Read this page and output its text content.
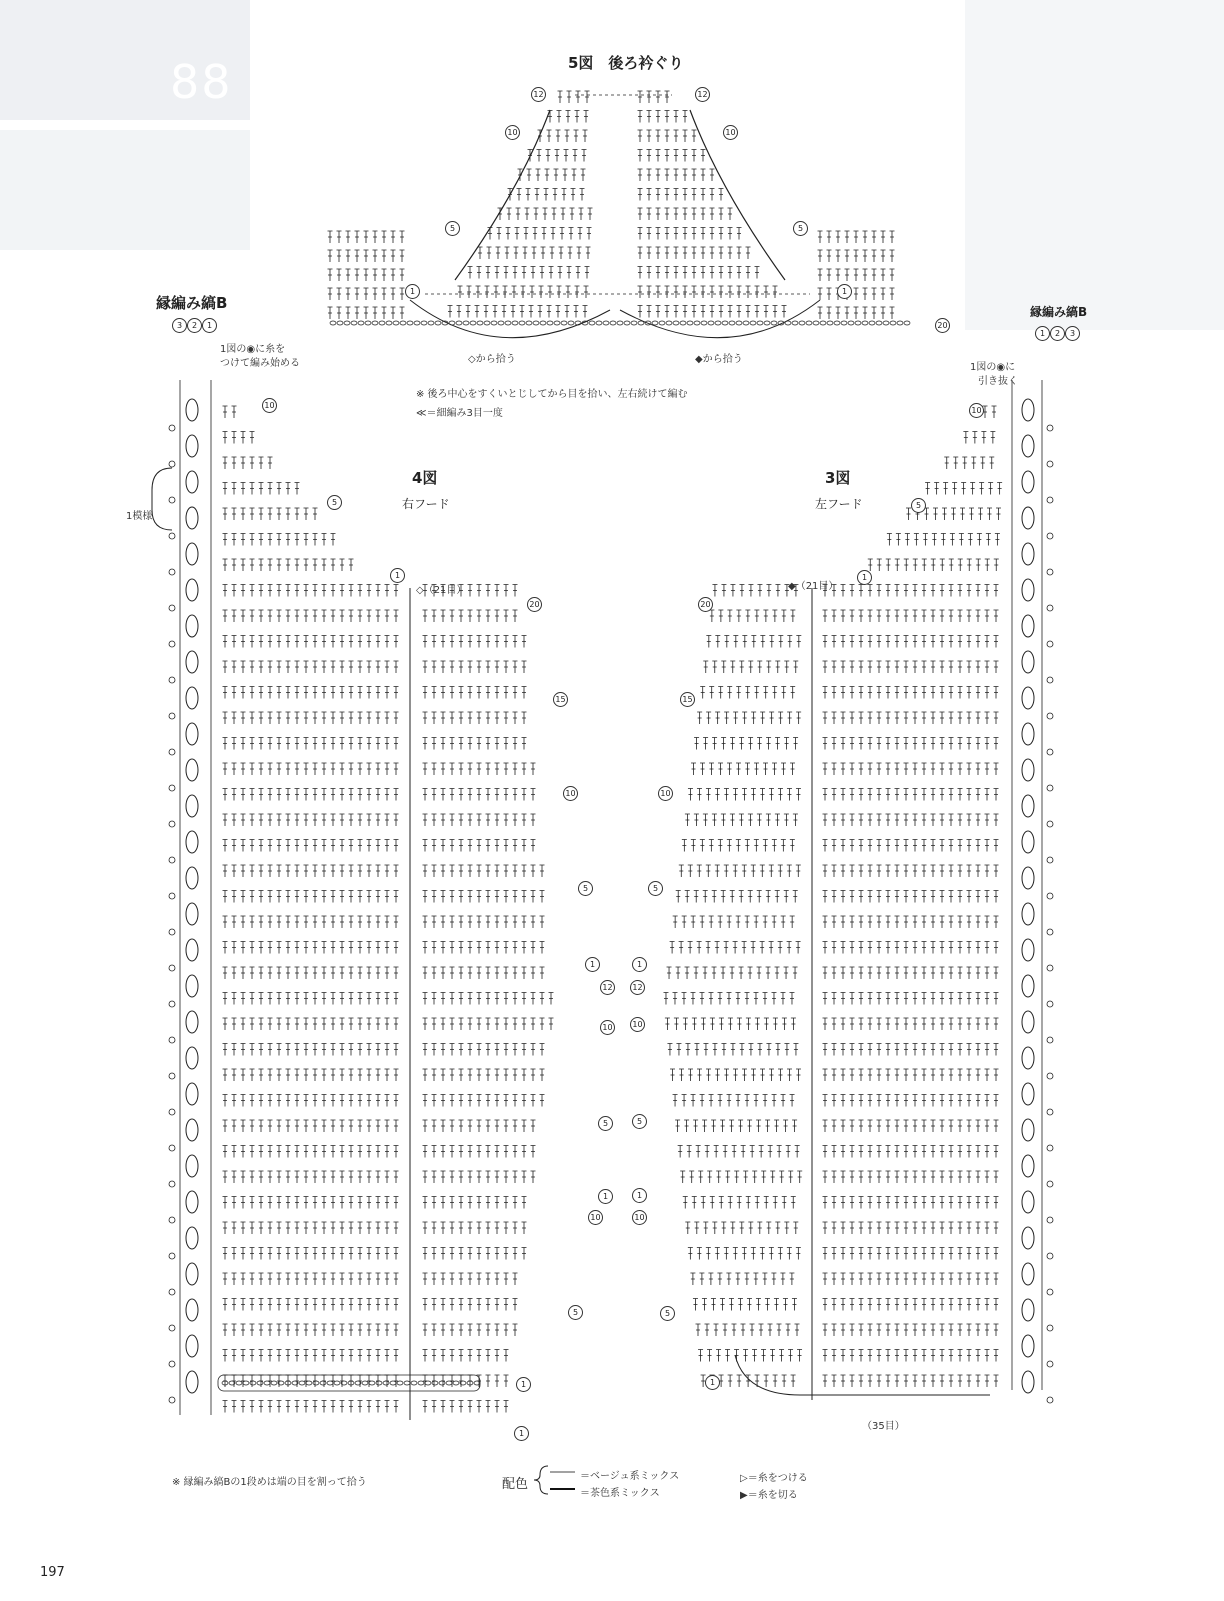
88	5図　後ろ衿ぐり
◇から拾う	◆から拾う
※ 後ろ中心をすくいとじしてから目を拾い、左右続けて編む
≪＝細編み3目一度
12	12
10	10
5	5
1	1
20
縁編み縞B
3	2	1
1図の◉に糸を
つけて編み始める
1模様
4図
右フード
◇（21目）
10
5
1
20
15
10
5
1
12
10
5
1
10
5
1
1
縁編み縞B
1	2	3
1図の◉に
引き抜く
3図
左フード
◆（21目）
（35目）
10
5
1
20
15
10
5
1
12
10
5
1
10
5
1
※ 縁編み縞Bの1段めは端の目を割って拾う	配色
＝ベージュ系ミックス
＝茶色系ミックス
▷＝糸をつける
▶＝糸を切る
197
